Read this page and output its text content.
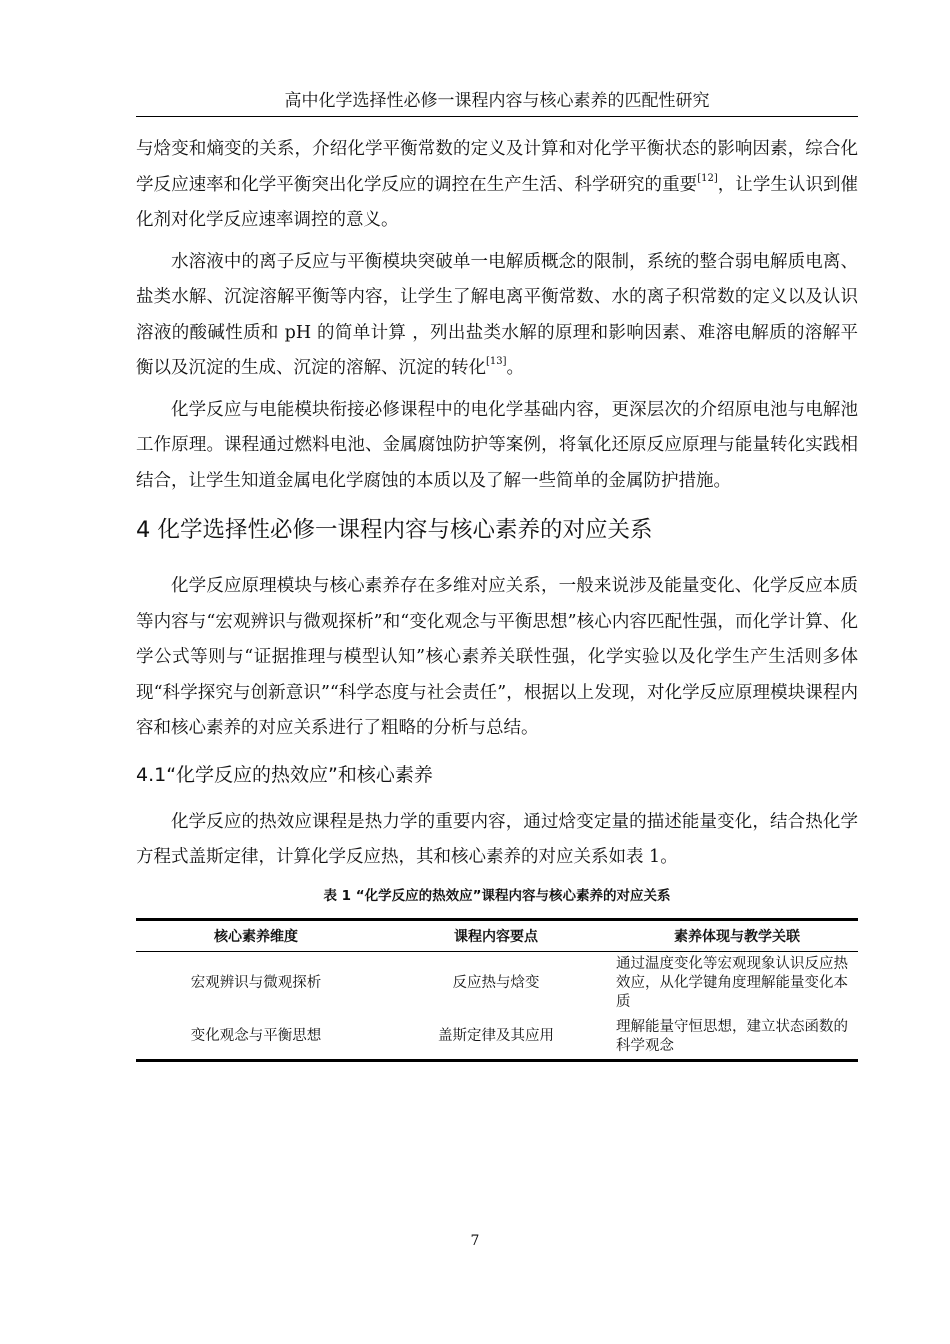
高中化学选择性必修一课程内容与核心素养的匹配性研究

与焓变和熵变的关系，介绍化学平衡常数的定义及计算和对化学平衡状态的影响因素，综合化学反应速率和化学平衡突出化学反应的调控在生产生活、科学研究的重要[12]，让学生认识到催化剂对化学反应速率调控的意义。

水溶液中的离子反应与平衡模块突破单一电解质概念的限制，系统的整合弱电解质电离、盐类水解、沉淀溶解平衡等内容，让学生了解电离平衡常数、水的离子积常数的定义以及认识溶液的酸碱性质和 pH 的简单计算 ，列出盐类水解的原理和影响因素、难溶电解质的溶解平衡以及沉淀的生成、沉淀的溶解、沉淀的转化[13]。

化学反应与电能模块衔接必修课程中的电化学基础内容，更深层次的介绍原电池与电解池工作原理。课程通过燃料电池、金属腐蚀防护等案例，将氧化还原反应原理与能量转化实践相结合，让学生知道金属电化学腐蚀的本质以及了解一些简单的金属防护措施。

4 化学选择性必修一课程内容与核心素养的对应关系

化学反应原理模块与核心素养存在多维对应关系，一般来说涉及能量变化、化学反应本质等内容与“宏观辨识与微观探析”和“变化观念与平衡思想”核心内容匹配性强，而化学计算、化学公式等则与“证据推理与模型认知”核心素养关联性强，化学实验以及化学生产生活则多体现“科学探究与创新意识”“科学态度与社会责任”，根据以上发现，对化学反应原理模块课程内容和核心素养的对应关系进行了粗略的分析与总结。

4.1“化学反应的热效应”和核心素养

化学反应的热效应课程是热力学的重要内容，通过焓变定量的描述能量变化，结合热化学方程式盖斯定律，计算化学反应热，其和核心素养的对应关系如表 1。

表 1 “化学反应的热效应”课程内容与核心素养的对应关系
核心素养维度	课程内容要点	素养体现与教学关联
宏观辨识与微观探析	反应热与焓变	通过温度变化等宏观现象认识反应热效应，从化学键角度理解能量变化本质
变化观念与平衡思想	盖斯定律及其应用	理解能量守恒思想，建立状态函数的科学观念
7
